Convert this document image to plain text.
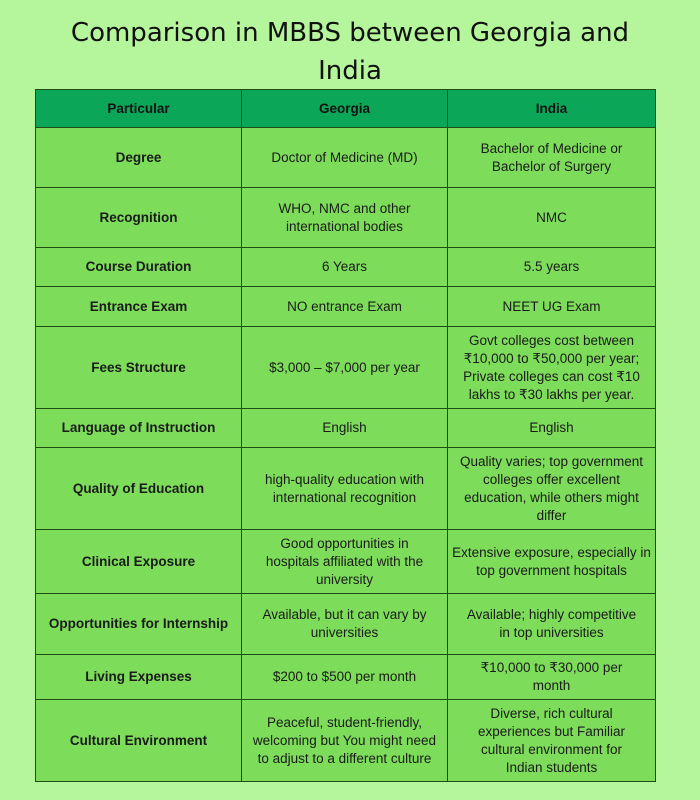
Comparison in MBBS between Georgia and
India
Particular	Georgia	India
Degree	Doctor of Medicine (MD)	Bachelor of Medicine or Bachelor of Surgery
Recognition	WHO, NMC and other international bodies	NMC
Course Duration	6 Years	5.5 years
Entrance Exam	NO entrance Exam	NEET UG Exam
Fees Structure	$3,000 – $7,000 per year	Govt colleges cost between ₹10,000 to ₹50,000 per year; Private colleges can cost ₹10 lakhs to ₹30 lakhs per year.
Language of Instruction	English	English
Quality of Education	high-quality education with international recognition	Quality varies; top government colleges offer excellent education, while others might differ
Clinical Exposure	Good opportunities in hospitals affiliated with the university	Extensive exposure, especially in top government hospitals
Opportunities for Internship	Available, but it can vary by universities	Available; highly competitive in top universities
Living Expenses	$200 to $500 per month	₹10,000 to ₹30,000 per month
Cultural Environment	Peaceful, student-friendly, welcoming but You might need to adjust to a different culture	Diverse, rich cultural experiences but Familiar cultural environment for Indian students
